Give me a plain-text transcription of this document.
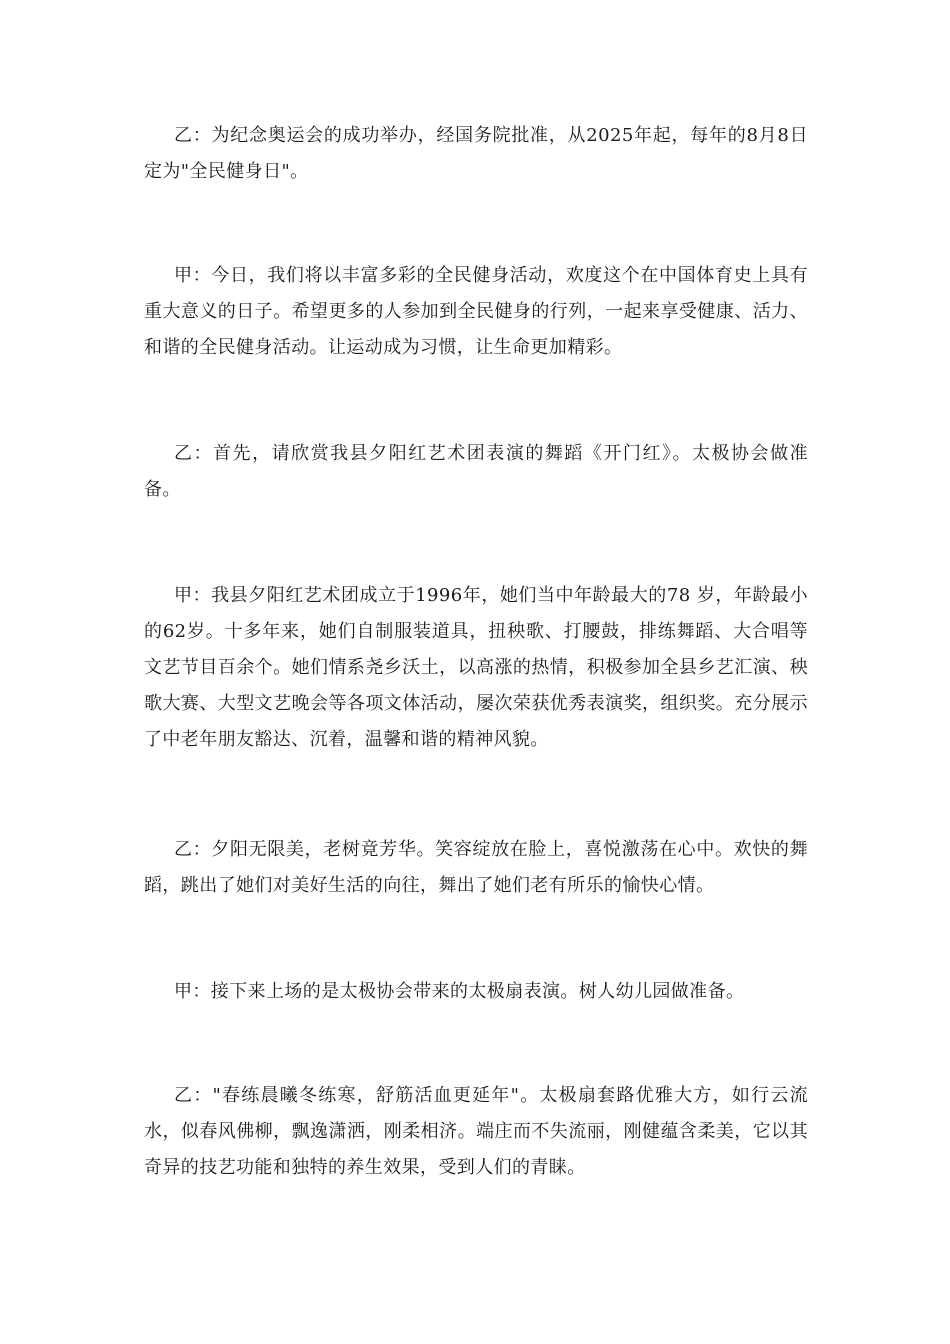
乙：为纪念奥运会的成功举办，经国务院批准，从2025年起，每年的8月8日定为"全民健身日"。

甲：今日，我们将以丰富多彩的全民健身活动，欢度这个在中国体育史上具有重大意义的日子。希望更多的人参加到全民健身的行列，一起来享受健康、活力、和谐的全民健身活动。让运动成为习惯，让生命更加精彩。

乙：首先，请欣赏我县夕阳红艺术团表演的舞蹈《开门红》。太极协会做准备。

甲：我县夕阳红艺术团成立于1996年，她们当中年龄最大的78 岁，年龄最小的62岁。十多年来，她们自制服装道具，扭秧歌、打腰鼓，排练舞蹈、大合唱等文艺节目百余个。她们情系尧乡沃土，以高涨的热情，积极参加全县乡艺汇演、秧歌大赛、大型文艺晚会等各项文体活动，屡次荣获优秀表演奖，组织奖。充分展示了中老年朋友豁达、沉着，温馨和谐的精神风貌。

乙：夕阳无限美，老树竟芳华。笑容绽放在脸上，喜悦激荡在心中。欢快的舞蹈，跳出了她们对美好生活的向往，舞出了她们老有所乐的愉快心情。

甲：接下来上场的是太极协会带来的太极扇表演。树人幼儿园做准备。

乙："春练晨曦冬练寒，舒筋活血更延年"。太极扇套路优雅大方，如行云流水，似春风佛柳，飘逸潇洒，刚柔相济。端庄而不失流丽，刚健蕴含柔美，它以其奇异的技艺功能和独特的养生效果，受到人们的青睐。
